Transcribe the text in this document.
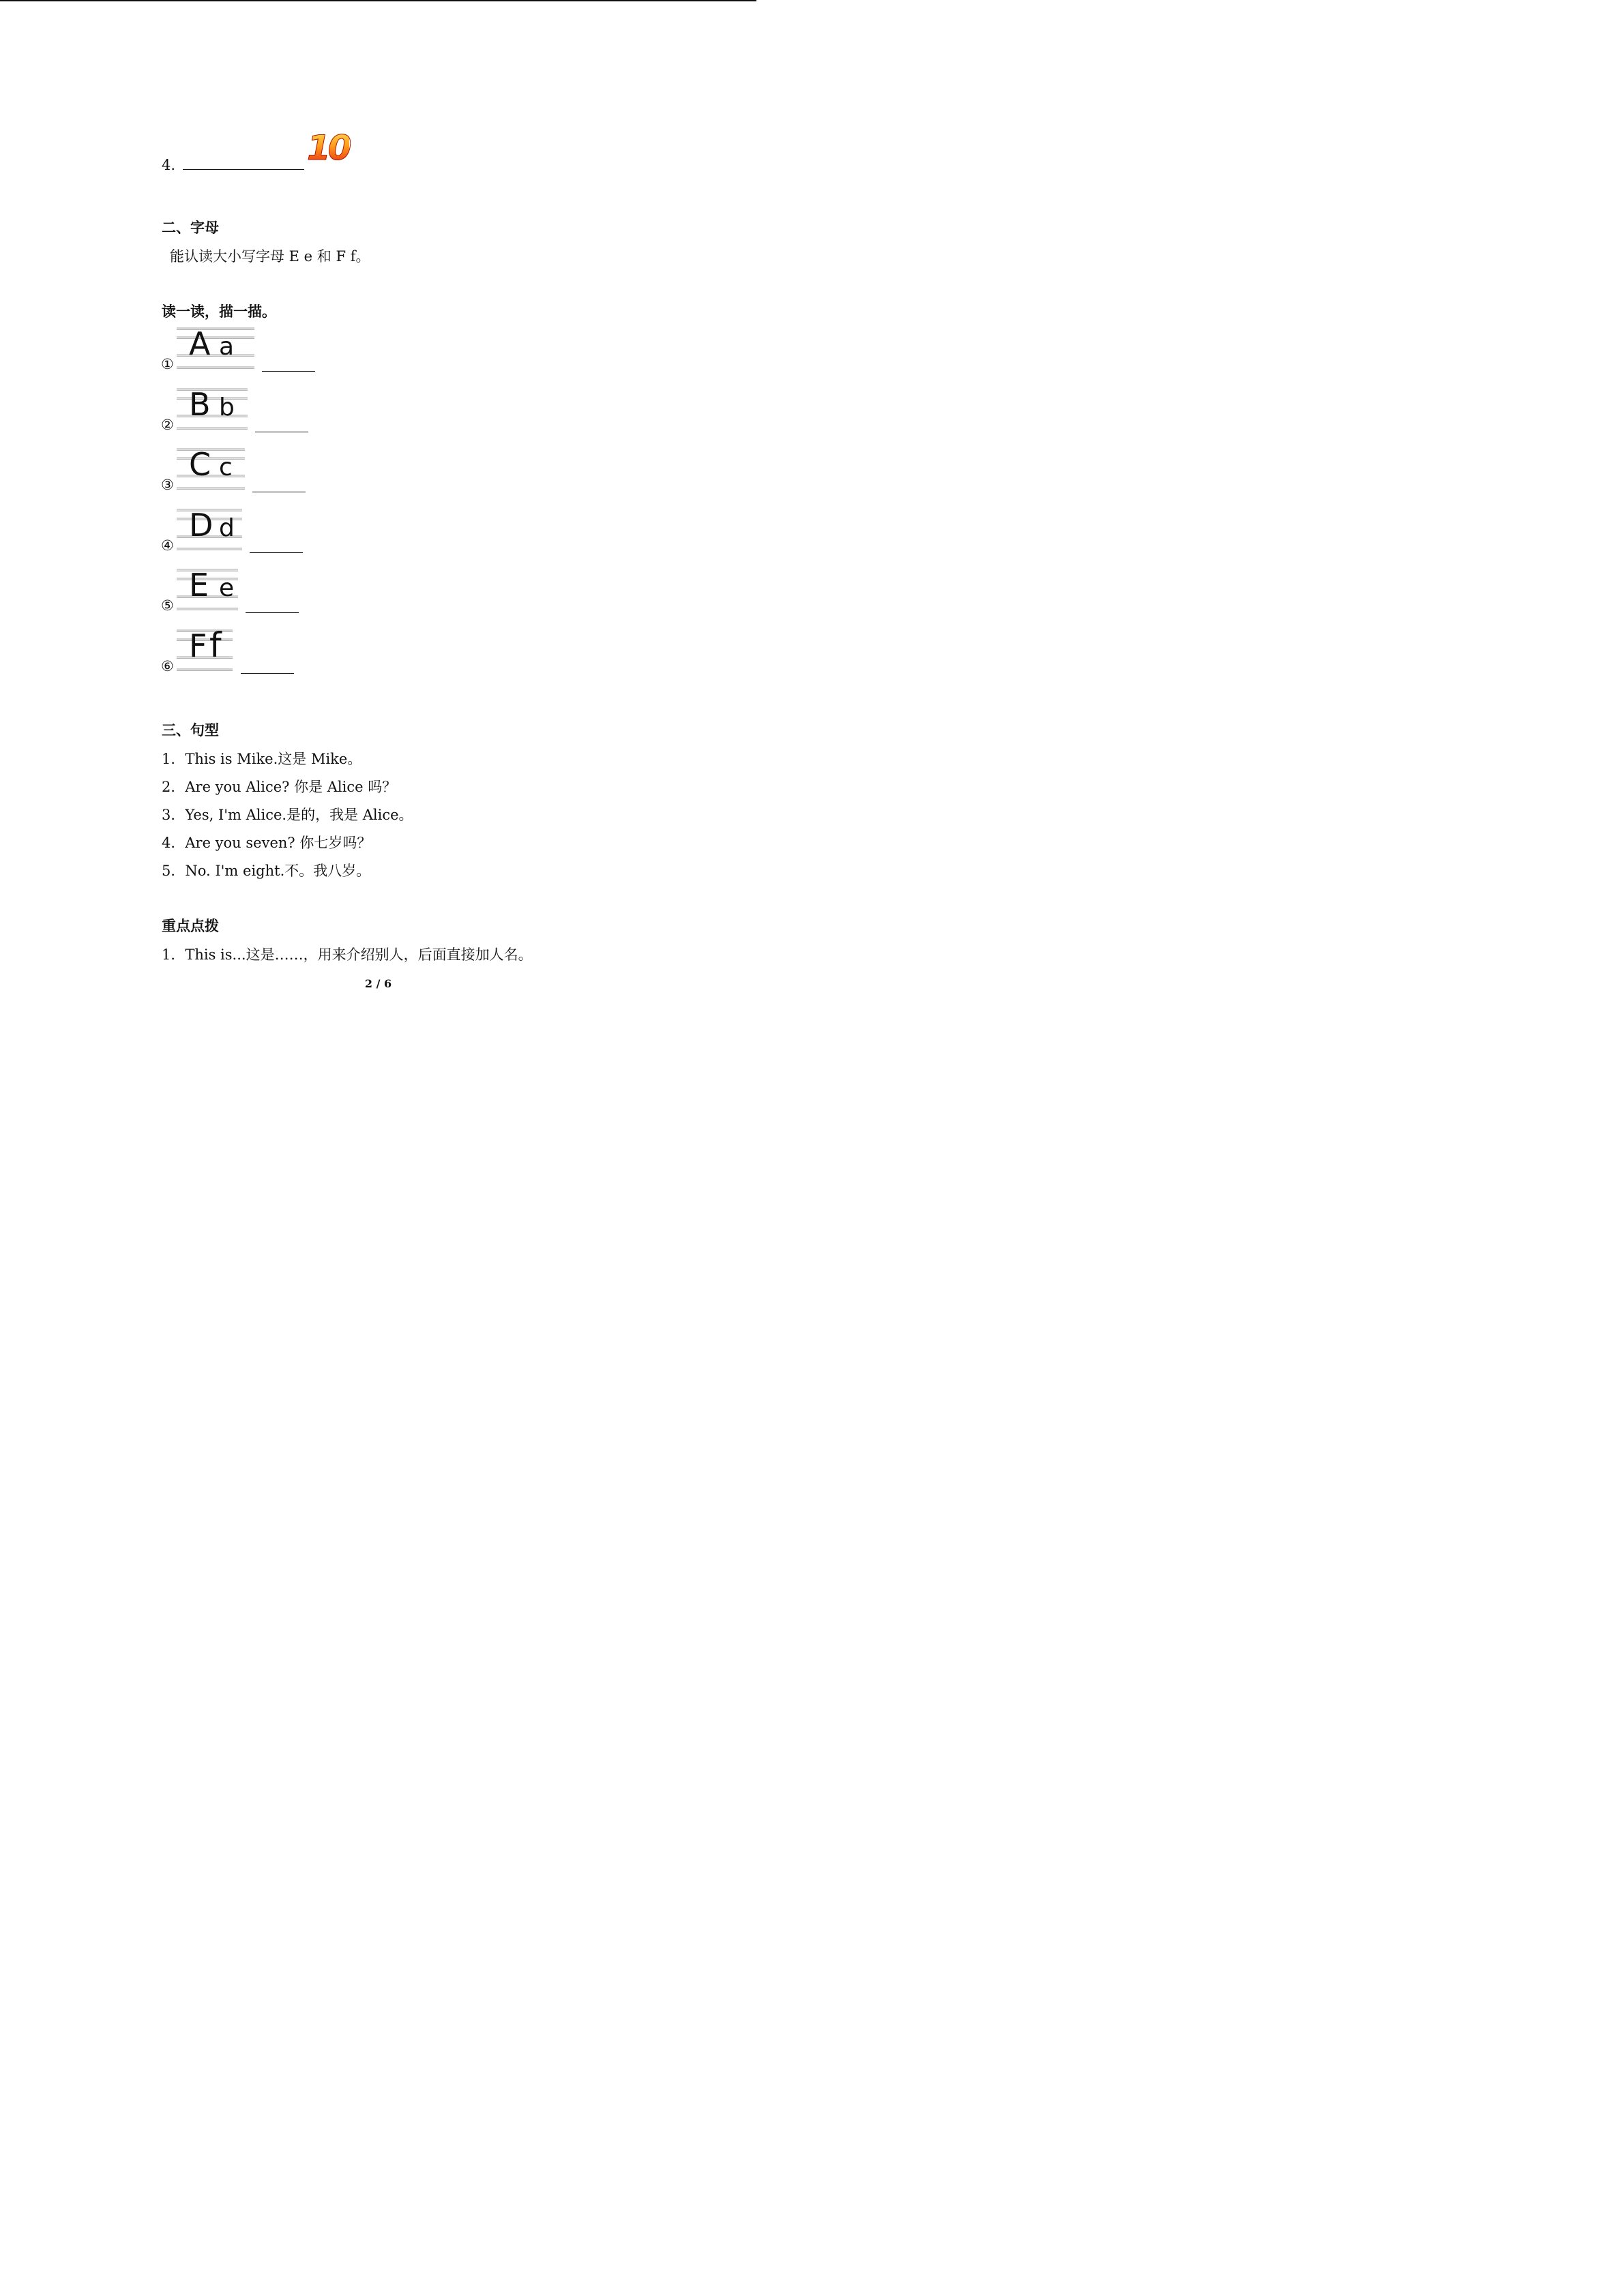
4.	10
二、字母
能认读大小写字母 E e 和 F f。
读一读，描一描。
①
A a
②
B b
③
C c
④
D d
⑤
E e
⑥
F f
三、句型
1．This is Mike.这是 Mike。
2．Are you Alice? 你是 Alice 吗？
3．Yes, I'm Alice.是的，我是 Alice。
4．Are you seven? 你七岁吗？
5．No. I'm eight.不。我八岁。
重点点拨
1．This is...这是……，用来介绍别人，后面直接加人名。
2 / 6
